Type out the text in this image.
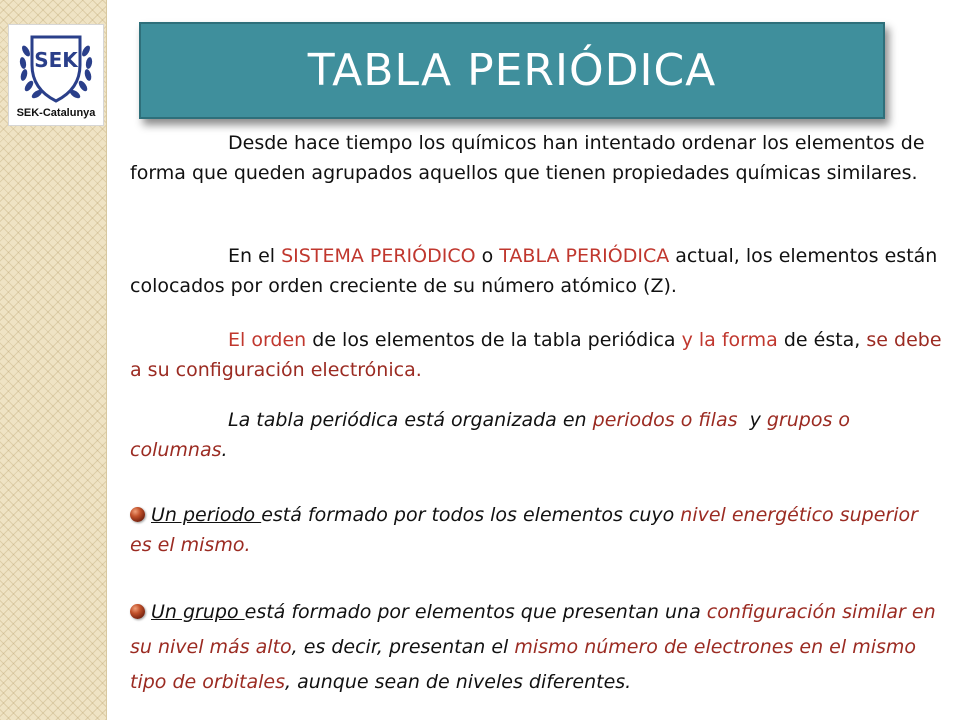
SEK
SEK-Catalunya
TABLA PERIÓDICA

Desde hace tiempo los químicos han intentado ordenar los elementos de forma que queden agrupados aquellos que tienen propiedades químicas similares.

En el SISTEMA PERIÓDICO o TABLA PERIÓDICA actual, los elementos están colocados por orden creciente de su número atómico (Z).

El orden de los elementos de la tabla periódica y la forma de ésta, se debe a su configuración electrónica.

La tabla periódica está organizada en periodos o filas  y grupos o columnas.

Un periodo está formado por todos los elementos cuyo nivel energético superior es el mismo.

Un grupo está formado por elementos que presentan una configuración similar en su nivel más alto, es decir, presentan el mismo número de electrones en el mismo tipo de orbitales, aunque sean de niveles diferentes.
